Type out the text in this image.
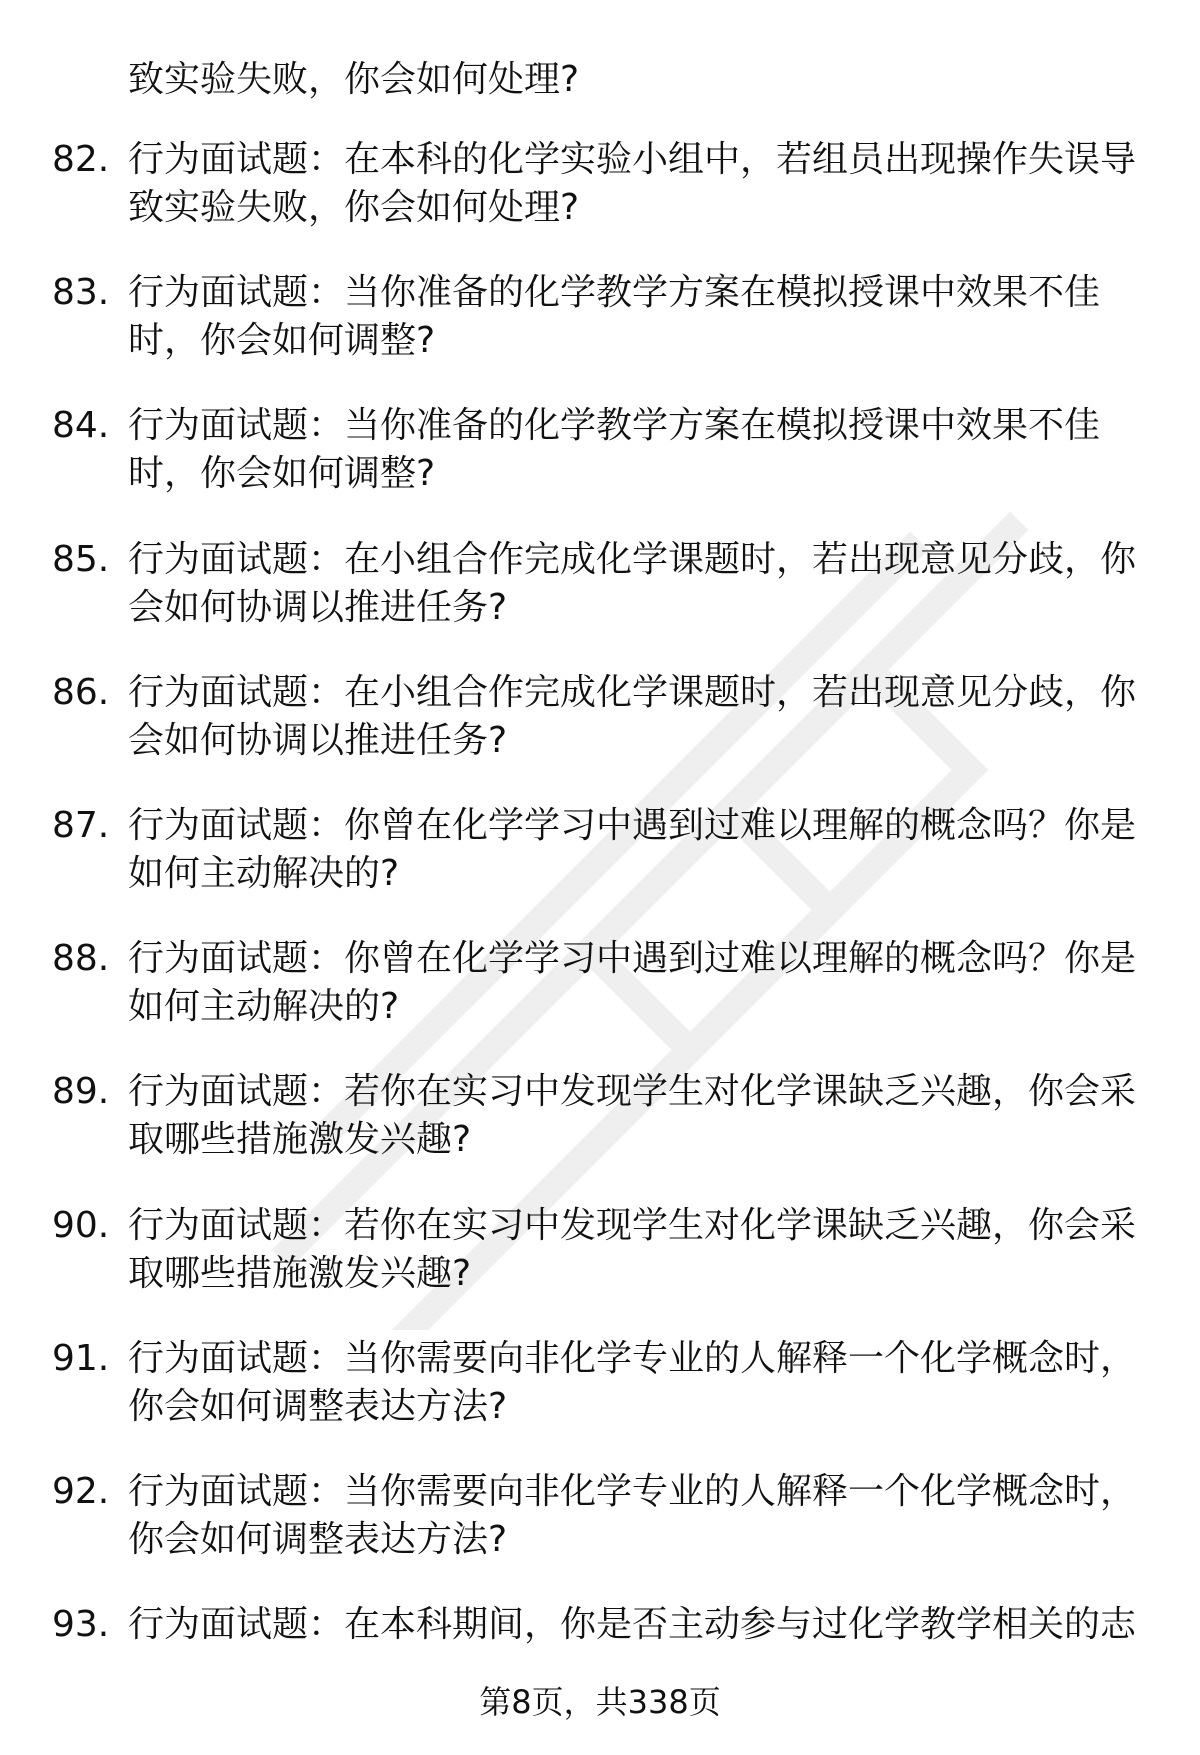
致实验失败，你会如何处理?
82. 行为面试题：在本科的化学实验小组中，若组员出现操作失误导
致实验失败，你会如何处理?
83. 行为面试题：当你准备的化学教学方案在模拟授课中效果不佳
时，你会如何调整?
84. 行为面试题：当你准备的化学教学方案在模拟授课中效果不佳
时，你会如何调整?
85. 行为面试题：在小组合作完成化学课题时，若出现意见分歧，你
会如何协调以推进任务?
86. 行为面试题：在小组合作完成化学课题时，若出现意见分歧，你
会如何协调以推进任务?
87. 行为面试题：你曾在化学学习中遇到过难以理解的概念吗？你是
如何主动解决的?
88. 行为面试题：你曾在化学学习中遇到过难以理解的概念吗？你是
如何主动解决的?
89. 行为面试题：若你在实习中发现学生对化学课缺乏兴趣，你会采
取哪些措施激发兴趣?
90. 行为面试题：若你在实习中发现学生对化学课缺乏兴趣，你会采
取哪些措施激发兴趣?
91. 行为面试题：当你需要向非化学专业的人解释一个化学概念时，
你会如何调整表达方法?
92. 行为面试题：当你需要向非化学专业的人解释一个化学概念时，
你会如何调整表达方法?
93. 行为面试题：在本科期间，你是否主动参与过化学教学相关的志
第8页，共338页
